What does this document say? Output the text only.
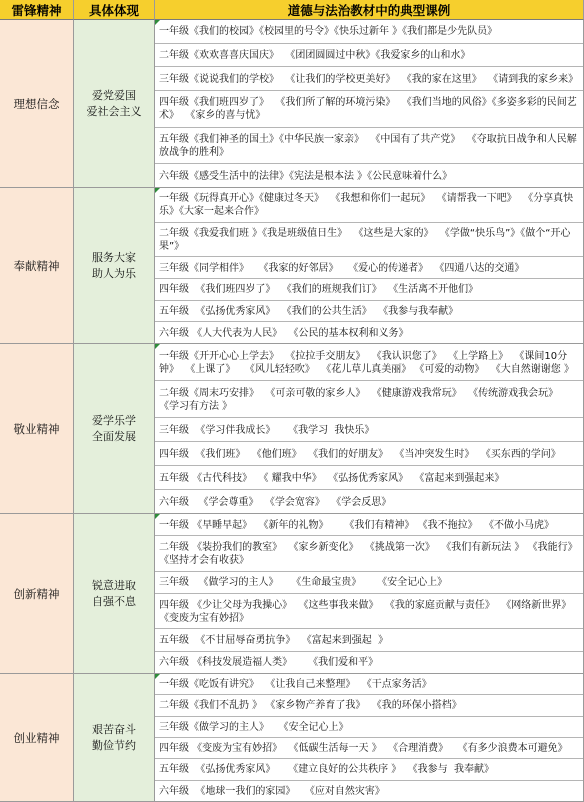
雷锋精神	具体体现	道德与法治教材中的典型课例
理想信念
爱党爱国
爱社会主义
一年级《我们的校园》《校园里的号令》《快乐过新年 》《我们都是少先队员》
二年级《欢欢喜喜庆国庆》  《团团圆圆过中秋》《我爱家乡的山和水》
三年级《说说我们的学校》  《让我们的学校更美好》  《我的家在这里》  《请到我的家乡来》
四年级《我们班四岁了》  《我们所了解的环境污染》  《我们当地的风俗》《多姿多彩的民间艺术》  《家乡的喜与忧》
五年级《我们神圣的国土》《中华民族一家亲》  《中国有了共产党》  《夺取抗日战争和人民解放战争的胜利》
六年级《感受生活中的法律》《宪法是根本法 》《公民意味着什么》
奉献精神
服务大家
助人为乐
一年级《玩得真开心》《健康过冬天》  《我想和你们一起玩》  《请帮我一下吧》  《分享真快乐》《大家一起来合作》
二年级《我爱我们班 》《我是班级值日生》  《这些是大家的》  《学做“快乐鸟”》《做个“开心果”》
三年级《同学相伴》   《我家的好邻居》   《爱心的传递者》  《四通八达的交通》
四年级  《我们班四岁了》  《我们的班规我们订》  《生活离不开他们》
五年级  《弘扬优秀家风》  《我们的公共生活》  《我参与我奉献》
六年级 《人大代表为人民》  《公民的基本权利和义务》
敬业精神
爱学乐学
全面发展
一年级《开开心心上学去》  《拉拉手交朋友》  《我认识您了》  《上学路上》  《课间10分钟》  《上课了》   《风儿轻轻吹》  《花儿草儿真美丽》 《可爱的动物》  《大自然谢谢您 》
二年级《周末巧安排》  《可亲可敬的家乡人》  《健康游戏我常玩》  《传统游戏我会玩》  《学习有方法 》
三年级  《学习伴我成长》    《我学习  我快乐》
四年级  《我们班》  《他们班》  《我们的好朋友》  《当冲突发生时》  《买东西的学问》
五年级 《古代科技》  《 耀我中华》  《弘扬优秀家风》  《富起来到强起来》
六年级   《学会尊重》  《学会宽容》  《学会反思》
创新精神
锐意进取
自强不息
一年级 《早睡早起》  《新年的礼物》     《我们有精神》 《我不拖拉》  《不做小马虎》
二年级 《装扮我们的教室》  《家乡新变化》  《挑战第一次》  《我们有新玩法 》 《我能行》  《坚持才会有收获》
三年级   《做学习的主人》    《生命最宝贵》     《安全记心上》
四年级 《少让父母为我操心》  《这些事我来做》  《我的家庭贡献与责任》  《网络新世界》  《变废为宝有妙招》
五年级  《不甘屈辱奋勇抗争》  《富起来到强起  》
六年级 《科技发展造福人类》     《我们爱和平》
创业精神
艰苦奋斗
勤俭节约
一年级《吃饭有讲究》  《让我自己来整理》  《干点家务活》
二年级《我们不乱扔 》 《家乡物产养育了我》  《我的环保小搭档》
三年级《做学习的主人》   《安全记心上》
四年级 《变废为宝有妙招》  《低碳生活每一天 》  《合理消费》   《有多少浪费本可避免》
五年级  《弘扬优秀家风》    《建立良好的公共秩序 》  《我参与  我奉献》
六年级  《地球一我们的家园》   《应对自然灾害》
